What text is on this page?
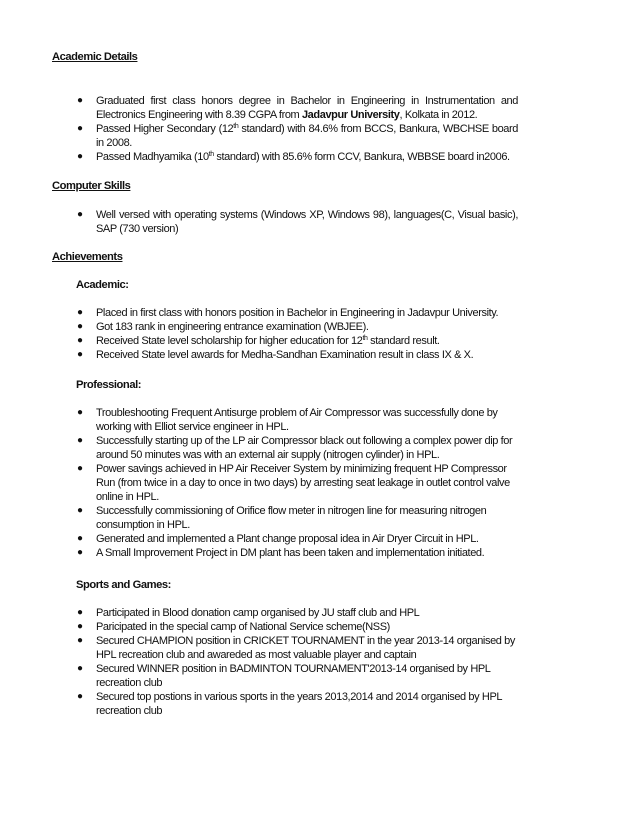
Academic Details
● Graduated first class honors degree in Bachelor in Engineering in Instrumentation and Electronics Engineering with 8.39 CGPA from Jadavpur University, Kolkata in 2012.
● Passed Higher Secondary (12th standard) with 84.6% from BCCS, Bankura, WBCHSE board in 2008.
● Passed Madhyamika (10th standard) with 85.6% form CCV, Bankura, WBBSE board in2006.
Computer Skills
● Well versed with operating systems (Windows XP, Windows 98), languages(C, Visual basic), SAP (730 version)
Achievements
Academic:
● Placed in first class with honors position in Bachelor in Engineering in Jadavpur University.
● Got 183 rank in engineering entrance examination (WBJEE).
● Received State level scholarship for higher education for 12th standard result.
● Received State level awards for Medha-Sandhan Examination result in class IX & X.
Professional:
● Troubleshooting Frequent Antisurge problem of Air Compressor was successfully done by working with Elliot service engineer in HPL.
● Successfully starting up of the LP air Compressor black out following a complex power dip for around 50 minutes was with an external air supply (nitrogen cylinder) in HPL.
● Power savings achieved in HP Air Receiver System by minimizing frequent HP Compressor Run (from twice in a day to once in two days) by arresting seat leakage in outlet control valve online in HPL.
● Successfully commissioning of Orifice flow meter in nitrogen line for measuring nitrogen consumption in HPL.
● Generated and implemented a Plant change proposal idea in Air Dryer Circuit in HPL.
● A Small Improvement Project in DM plant has been taken and implementation initiated.
Sports and Games:
● Participated in Blood donation camp organised by JU staff club and HPL
● Paricipated in the special camp of National Service scheme(NSS)
● Secured CHAMPION position in CRICKET TOURNAMENT in the year 2013-14 organised by HPL recreation club and awareded as most valuable player and captain
● Secured WINNER position in BADMINTON TOURNAMENT'2013-14 organised by HPL recreation club
● Secured top postions in various sports in the years 2013,2014 and 2014 organised by HPL recreation club
